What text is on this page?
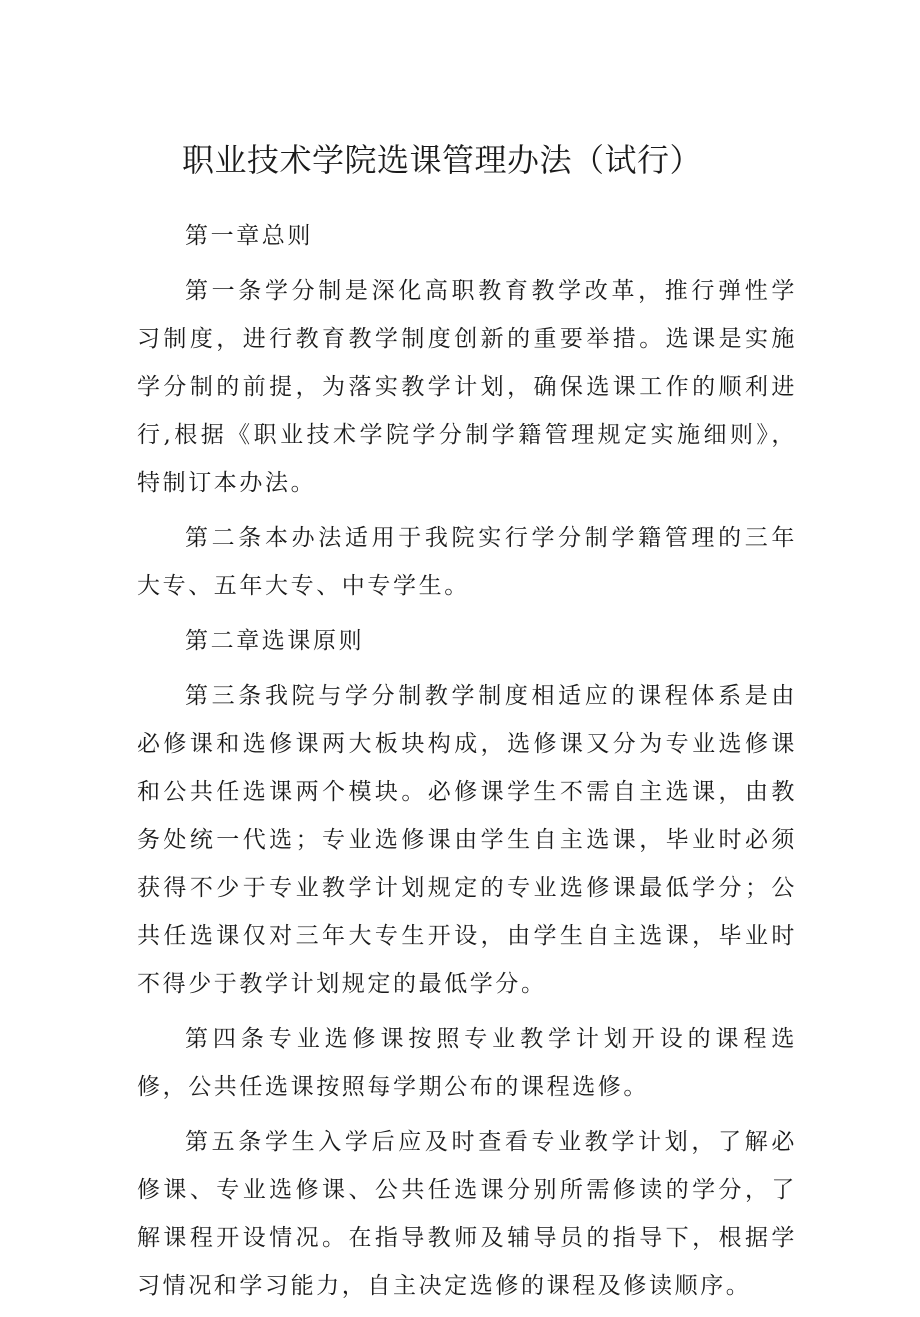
职业技术学院选课管理办法（试行）

第一章总则

第一条学分制是深化高职教育教学改革，推行弹性学习制度，进行教育教学制度创新的重要举措。选课是实施学分制的前提，为落实教学计划，确保选课工作的顺利进行,根据《职业技术学院学分制学籍管理规定实施细则》，特制订本办法。

第二条本办法适用于我院实行学分制学籍管理的三年大专、五年大专、中专学生。

第二章选课原则

第三条我院与学分制教学制度相适应的课程体系是由必修课和选修课两大板块构成，选修课又分为专业选修课和公共任选课两个模块。必修课学生不需自主选课，由教务处统一代选；专业选修课由学生自主选课，毕业时必须获得不少于专业教学计划规定的专业选修课最低学分；公共任选课仅对三年大专生开设，由学生自主选课，毕业时不得少于教学计划规定的最低学分。

第四条专业选修课按照专业教学计划开设的课程选修，公共任选课按照每学期公布的课程选修。

第五条学生入学后应及时查看专业教学计划，了解必修课、专业选修课、公共任选课分别所需修读的学分，了解课程开设情况。在指导教师及辅导员的指导下，根据学习情况和学习能力，自主决定选修的课程及修读顺序。
